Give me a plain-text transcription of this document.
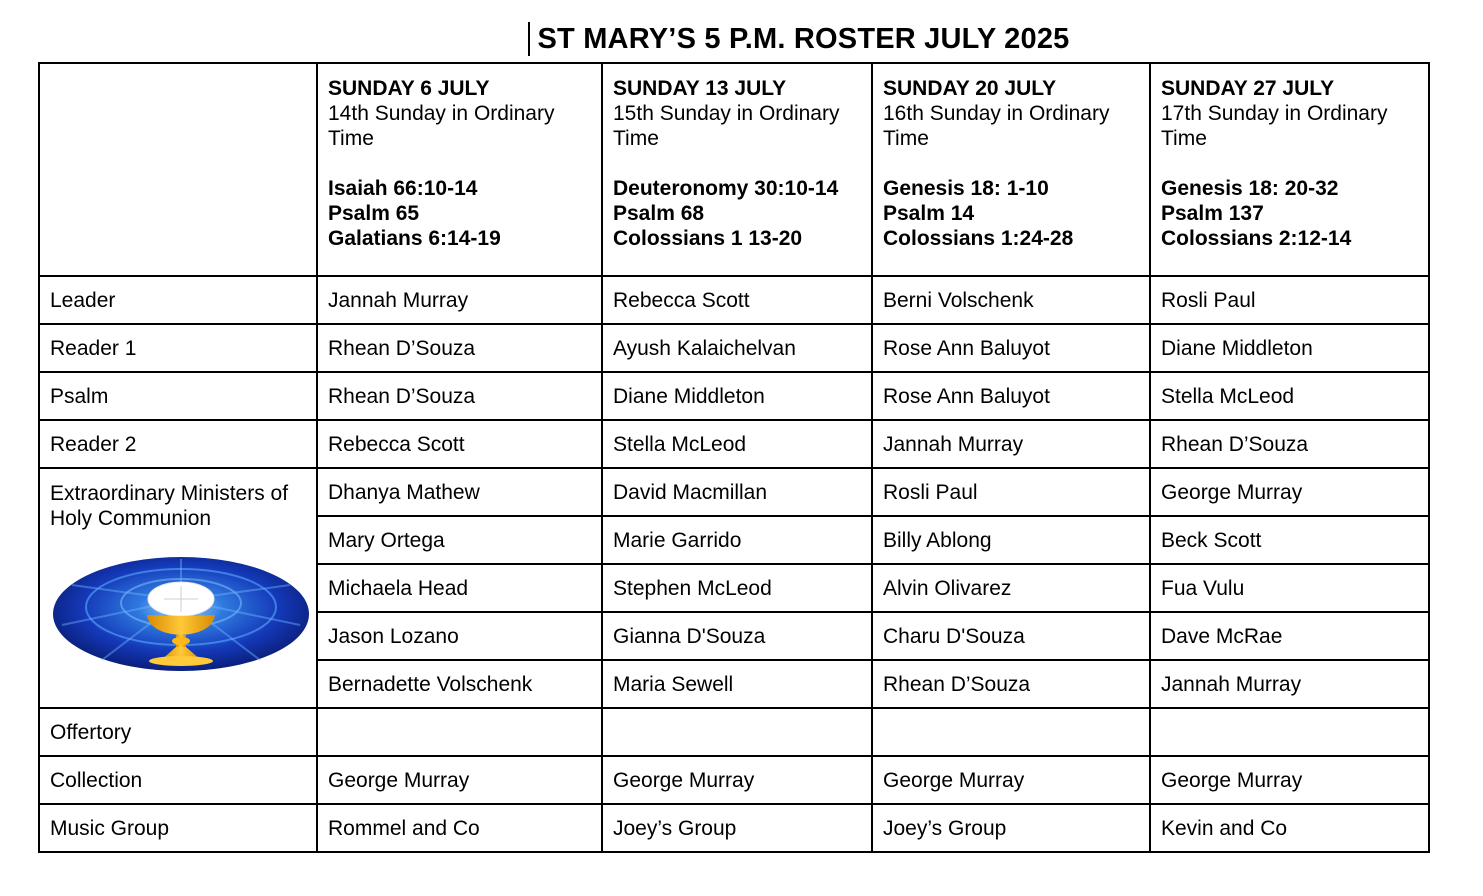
ST MARY’S 5 P.M. ROSTER JULY 2025

	SUNDAY 6 JULY
14th Sunday in Ordinary Time
Isaiah 66:10-14
Psalm 65
Galatians 6:14-19	SUNDAY 13 JULY
15th Sunday in Ordinary Time
Deuteronomy 30:10-14
Psalm 68
Colossians 1 13-20	SUNDAY 20 JULY
16th Sunday in Ordinary Time
Genesis 18: 1-10
Psalm 14
Colossians 1:24-28	SUNDAY 27 JULY
17th Sunday in Ordinary Time
Genesis 18: 20-32
Psalm 137
Colossians 2:12-14

Leader	Jannah Murray	Rebecca Scott	Berni Volschenk	Rosli Paul
Reader 1	Rhean D’Souza	Ayush Kalaichelvan	Rose Ann Baluyot	Diane Middleton
Psalm	Rhean D’Souza	Diane Middleton	Rose Ann Baluyot	Stella McLeod
Reader 2	Rebecca Scott	Stella McLeod	Jannah Murray	Rhean D’Souza
Extraordinary Ministers of Holy Communion	Dhanya Mathew	David Macmillan	Rosli Paul	George Murray
	Mary Ortega	Marie Garrido	Billy Ablong	Beck Scott
	Michaela Head	Stephen McLeod	Alvin Olivarez	Fua Vulu
	Jason Lozano	Gianna D'Souza	Charu D'Souza	Dave McRae
	Bernadette Volschenk	Maria Sewell	Rhean D’Souza	Jannah Murray
Offertory				
Collection	George Murray	George Murray	George Murray	George Murray
Music Group	Rommel and Co	Joey’s Group	Joey’s Group	Kevin and Co
